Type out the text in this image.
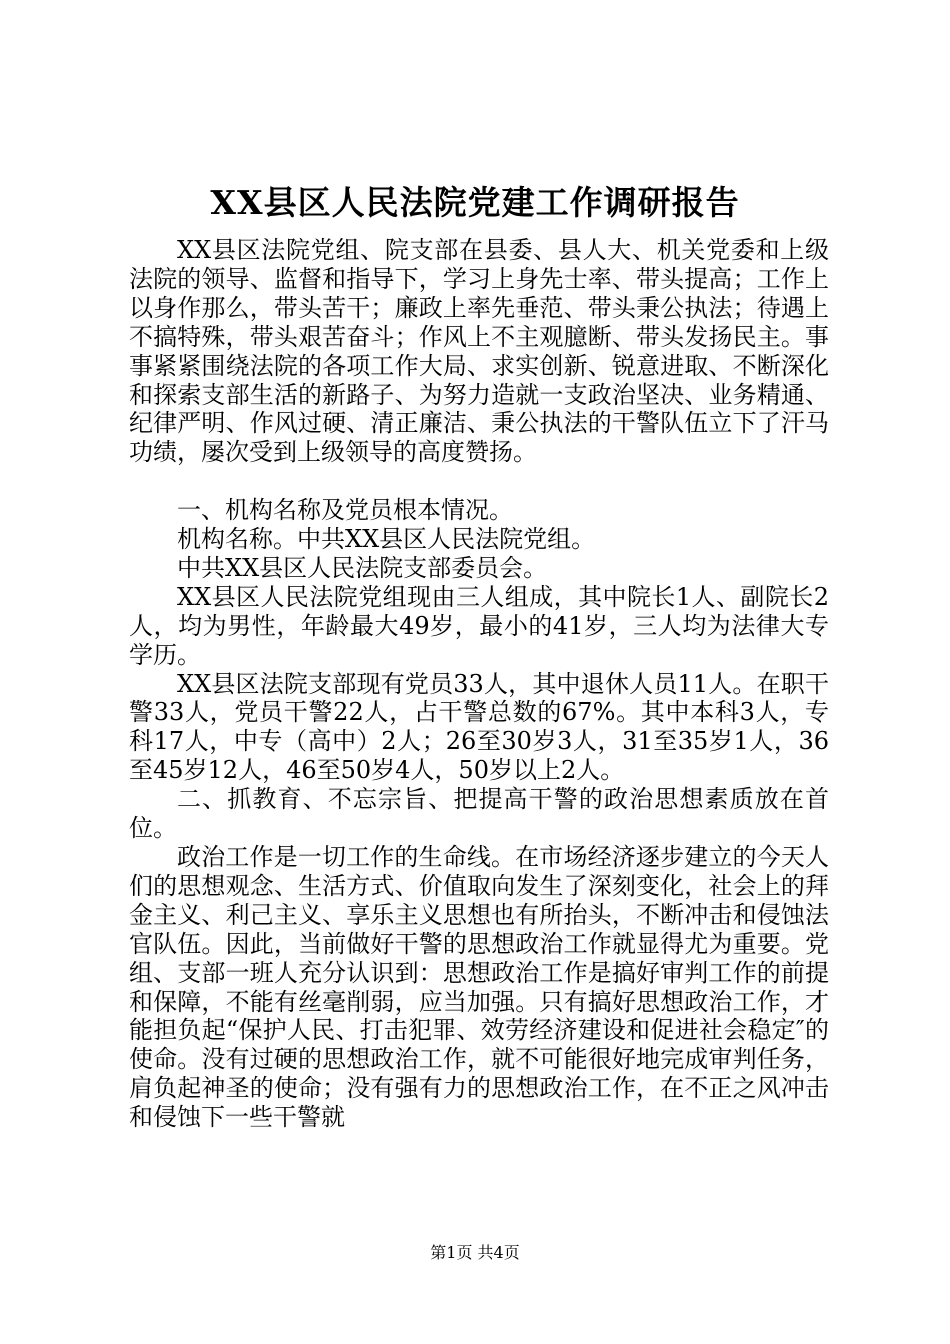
XX县区人民法院党建工作调研报告

XX县区法院党组、院支部在县委、县人大、机关党委和上级法院的领导、监督和指导下，学习上身先士率、带头提高；工作上以身作那么，带头苦干；廉政上率先垂范、带头秉公执法；待遇上不搞特殊，带头艰苦奋斗；作风上不主观臆断、带头发扬民主。事事紧紧围绕法院的各项工作大局、求实创新、锐意进取、不断深化和探索支部生活的新路子、为努力造就一支政治坚决、业务精通、纪律严明、作风过硬、清正廉洁、秉公执法的干警队伍立下了汗马功绩，屡次受到上级领导的高度赞扬。

一、机构名称及党员根本情况。

机构名称。中共XX县区人民法院党组。

中共XX县区人民法院支部委员会。

XX县区人民法院党组现由三人组成，其中院长1人、副院长2人，均为男性，年龄最大49岁，最小的41岁，三人均为法律大专学历。

XX县区法院支部现有党员33人，其中退休人员11人。在职干警33人，党员干警22人，占干警总数的67%。其中本科3人，专科17人，中专（高中）2人；26至30岁3人，31至35岁1人，36至45岁12人，46至50岁4人，50岁以上2人。

二、抓教育、不忘宗旨、把提高干警的政治思想素质放在首位。

政治工作是一切工作的生命线。在市场经济逐步建立的今天人们的思想观念、生活方式、价值取向发生了深刻变化，社会上的拜金主义、利己主义、享乐主义思想也有所抬头，不断冲击和侵蚀法官队伍。因此，当前做好干警的思想政治工作就显得尤为重要。党组、支部一班人充分认识到：思想政治工作是搞好审判工作的前提和保障，不能有丝毫削弱，应当加强。只有搞好思想政治工作，才能担负起“保护人民、打击犯罪、效劳经济建设和促进社会稳定″的使命。没有过硬的思想政治工作，就不可能很好地完成审判任务，肩负起神圣的使命；没有强有力的思想政治工作，在不正之风冲击和侵蚀下一些干警就

第1页 共4页
